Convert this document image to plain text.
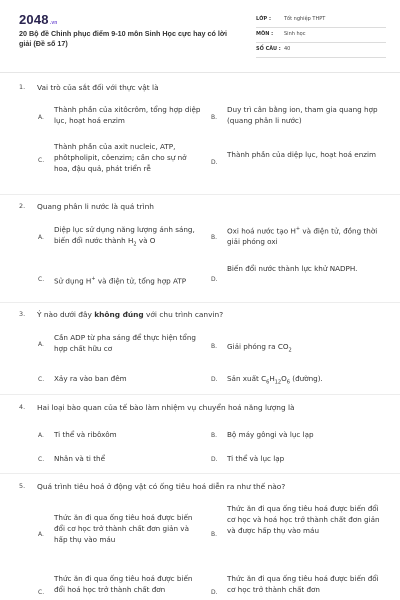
2048.vn
20 Bộ đề Chinh phục điểm 9-10 môn Sinh Học cực hay có lời giải (Đề số 17)
LỚP :	Tốt nghiệp THPT
MÔN : Sinh học
SỐ CÂU : 40
1. Vai trò của sắt đối với thực vật là
A.
Thành phần của xitôcrôm, tổng hợp diệp lục, hoạt hoá enzim	B.
Duy trì cân bằng ion, tham gia quang hợp (quang phân li nước)
C.
Thành phần của axit nucleic, ATP, phôtpholipit, côenzim; cần cho sự nở hoa, đậu quả, phát triển rễ
D.
Thành phần của diệp lục, hoạt hoá enzim
2. Quang phân li nước là quá trình
A.
Diệp lục sử dụng năng lượng ánh sáng, biến đổi nước thành $H_2$ và O	B.
Oxi hoá nước tạo H+ và điện tử, đồng thời giải phóng oxi
C. Sử dụng H+ và điện tử, tổng hợp ATP	D.
Biến đổi nước thành lực khử NADPH.
3. Ý nào dưới đây không đúng với chu trình canvin?
A.
Cần ADP từ pha sáng để thực hiện tổng hợp chất hữu cơ	B. Giải phóng ra $CO_2$
C. Xảy ra vào ban đêm	D. Sản xuất $C_6H_{12}O_6$ (đường).
4. Hai loại bào quan của tế bào làm nhiệm vụ chuyển hoá năng lượng là
A. Ti thể và ribôxôm	B. Bộ máy gôngi và lục lạp
C. Nhân và ti thể	D. Ti thể và lục lạp
5. Quá trình tiêu hoá ở động vật có ống tiêu hoá diễn ra như thế nào?
A.
Thức ăn đi qua ống tiêu hoá được biến đổi cơ học trở thành chất đơn giản và hấp thụ vào máu
B.
Thức ăn đi qua ống tiêu hoá được biến đổi cơ học và hoá học trở thành chất đơn giản và được hấp thụ vào máu
C.
Thức ăn đi qua ống tiêu hoá được biến đổi hoá học trở thành chất đơn	D.
Thức ăn đi qua ống tiêu hoá được biến đổi cơ học trở thành chất đơn
